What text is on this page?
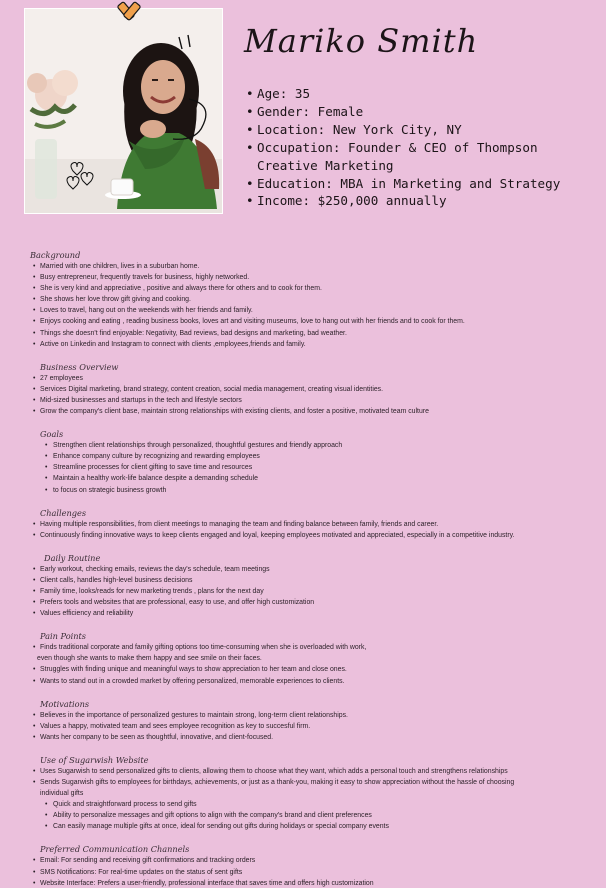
Mariko Smith
• Age: 35
• Gender: Female
• Location: New York City, NY
• Occupation: Founder & CEO of Thompson Creative Marketing
• Education: MBA in Marketing and Strategy
• Income: $250,000 annually
Background
• Married with one children, lives in a suburban home.
• Busy entrepreneur, frequently travels for business, highly networked.
• She is very kind and appreciative , positive and always there for others and to cook for them.
• She shows her love throw gift giving and cooking.
• Loves to travel, hang out on the weekends with her friends and family.
• Enjoys cooking and eating , reading business books, loves art and visiting museums, love to hang out with her friends and to cook for them.
• Things she doesn't find enjoyable: Negativity, Bad reviews, bad designs and marketing, bad weather.
• Active on Linkedin and Instagram to connect with clients ,employees,friends and family.
Business Overview
• 27 employees
• Services Digital marketing, brand strategy, content creation, social media management, creating visual identities.
• Mid-sized businesses and startups in the tech and lifestyle sectors
• Grow the company's client base, maintain strong relationships with existing clients, and foster a positive, motivated team culture
Goals
• Strengthen client relationships through personalized, thoughtful gestures and friendly approach
• Enhance company culture by recognizing and rewarding employees
• Streamline processes for client gifting to save time and resources
• Maintain a healthy work-life balance despite a demanding schedule
• to focus on strategic business growth
Challenges
• Having multiple responsibilities, from client meetings to managing the team and finding balance between family, friends and career.
• Continuously finding innovative ways to keep clients engaged and loyal, keeping employees motivated and appreciated, especially in a competitive industry.
Daily Routine
• Early workout, checking emails, reviews the day's schedule, team meetings
• Client calls, handles high-level business decisions
• Family time, looks/reads for new marketing trends , plans for the next day
• Prefers tools and websites that are professional, easy to use, and offer high customization
• Values efficiency and reliability
Pain Points
• Finds traditional corporate and family gifting options too time-consuming when she is overloaded with work,
even though she wants to make them happy and see smile on their faces.
• Struggles with finding unique and meaningful ways to show appreciation to her team and close ones.
• Wants to stand out in a crowded market by offering personalized, memorable experiences to clients.
Motivations
• Believes in the importance of personalized gestures to maintain strong, long-term client relationships.
• Values a happy, motivated team and sees employee recognition as key to succesful firm.
• Wants her company to be seen as thoughtful, innovative, and client-focused.
Use of Sugarwish Website
• Uses Sugarwish to send personalized gifts to clients, allowing them to choose what they want, which adds a personal touch and strengthens relationships
• Sends Sugarwish gifts to employees for birthdays, achievements, or just as a thank-you, making it easy to show appreciation without the hassle of choosing
individual gifts
• Quick and straightforward process to send gifts
• Ability to personalize messages and gift options to align with the company's brand and client preferences
• Can easily manage multiple gifts at once, ideal for sending out gifts during holidays or special company events
Preferred Communication Channels
• Email: For sending and receiving gift confirmations and tracking orders
• SMS Notifications: For real-time updates on the status of sent gifts
• Website Interface: Prefers a user-friendly, professional interface that saves time and offers high customization
